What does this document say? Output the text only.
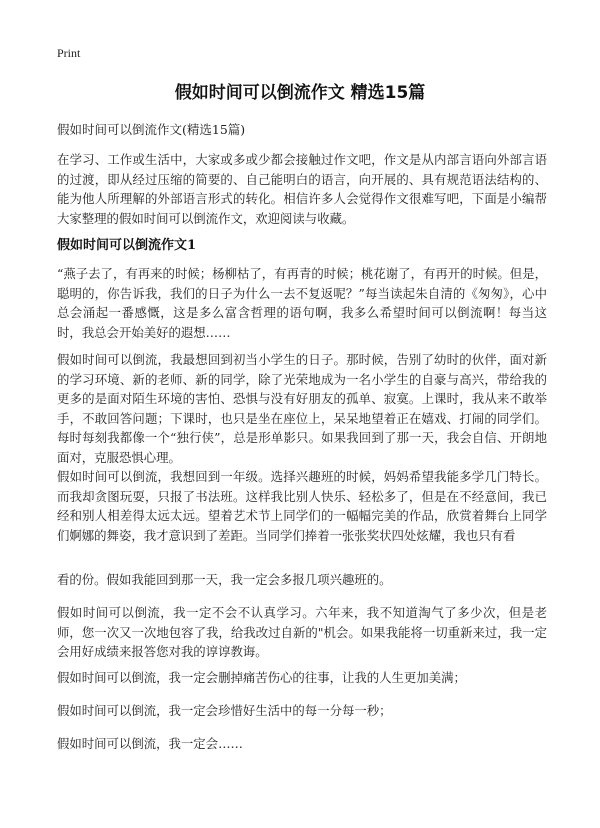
Print
假如时间可以倒流作文 精选15篇
假如时间可以倒流作文(精选15篇)

在学习、工作或生活中，大家或多或少都会接触过作文吧，作文是从内部言语向外部言语的过渡，即从经过压缩的简要的、自己能明白的语言，向开展的、具有规范语法结构的、能为他人所理解的外部语言形式的转化。相信许多人会觉得作文很难写吧，下面是小编帮大家整理的假如时间可以倒流作文，欢迎阅读与收藏。

假如时间可以倒流作文1

“燕子去了，有再来的时候；杨柳枯了，有再青的时候；桃花谢了，有再开的时候。但是，聪明的，你告诉我，我们的日子为什么一去不复返呢？”每当读起朱自清的《匆匆》，心中总会涌起一番感慨，这是多么富含哲理的语句啊，我多么希望时间可以倒流啊！每当这时，我总会开始美好的遐想……

假如时间可以倒流，我最想回到初当小学生的日子。那时候，告别了幼时的伙伴，面对新的学习环境、新的老师、新的同学，除了光荣地成为一名小学生的自豪与高兴，带给我的更多的是面对陌生环境的害怕、恐惧与没有好朋友的孤单、寂寞。上课时，我从来不敢举手，不敢回答问题；下课时，也只是坐在座位上，呆呆地望着正在嬉戏、打闹的同学们。每时每刻我都像一个“独行侠”，总是形单影只。如果我回到了那一天，我会自信、开朗地面对，克服恐惧心理。

假如时间可以倒流，我想回到一年级。选择兴趣班的时候，妈妈希望我能多学几门特长。而我却贪图玩耍，只报了书法班。这样我比别人快乐、轻松多了，但是在不经意间，我已经和别人相差得太远太远。望着艺术节上同学们的一幅幅完美的作品，欣赏着舞台上同学们婀娜的舞姿，我才意识到了差距。当同学们捧着一张张奖状四处炫耀，我也只有看

看的份。假如我能回到那一天，我一定会多报几项兴趣班的。

假如时间可以倒流，我一定不会不认真学习。六年来，我不知道淘气了多少次，但是老师，您一次又一次地包容了我，给我改过自新的"机会。如果我能将一切重新来过，我一定会用好成绩来报答您对我的谆谆教诲。

假如时间可以倒流，我一定会删掉痛苦伤心的往事，让我的人生更加美满；

假如时间可以倒流，我一定会珍惜好生活中的每一分每一秒；

假如时间可以倒流，我一定会……
